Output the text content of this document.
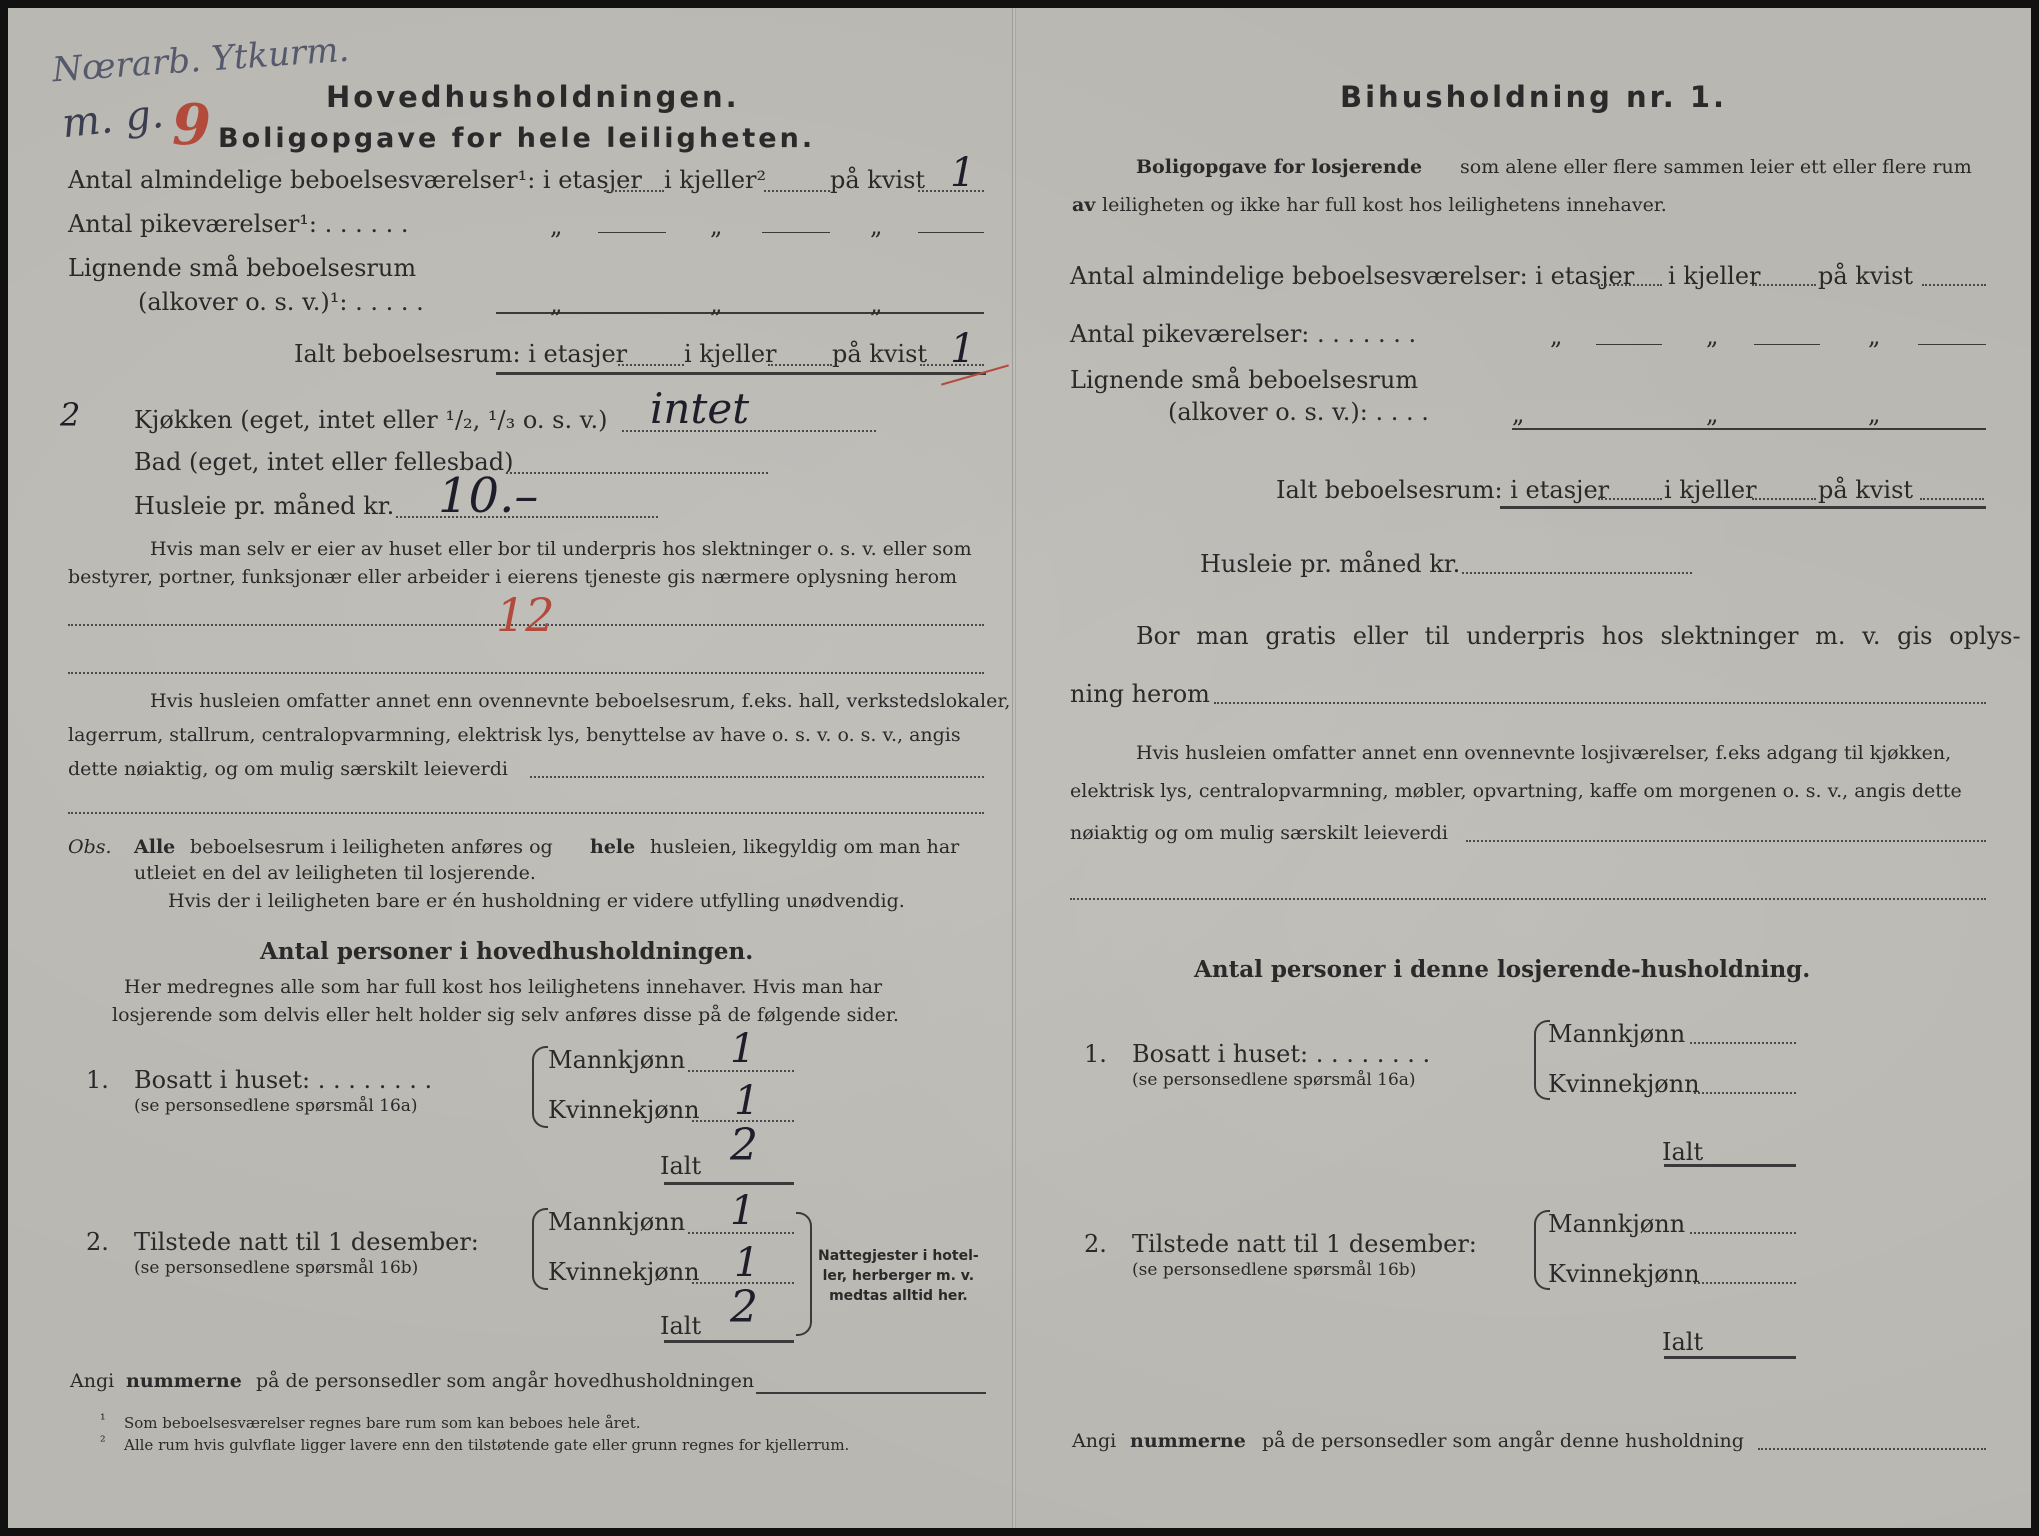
Nœrarb. Ytkurm.
m. g. 9	Hovedhusholdningen.
Boligopgave for hele leiligheten.
Antal almindelige beboelsesværelser¹: i etasjer i kjeller²	på kvist 1
Antal pikeværelser¹: . . . . . .	„	„	„
Lignende små beboelsesrum
(alkover o. s. v.)¹: . . . . .	„	„	„
Ialt beboelsesrum: i etasjer i kjeller på kvist 1
2 Kjøkken (eget, intet eller ¹/₂, ¹/₃ o. s. v.) intet
Bad (eget, intet eller fellesbad)
Husleie pr. måned kr. 10.–
Hvis man selv er eier av huset eller bor til underpris hos slektninger o. s. v. eller som
bestyrer, portner, funksjonær eller arbeider i eierens tjeneste gis nærmere oplysning herom
12
Hvis husleien omfatter annet enn ovennevnte beboelsesrum, f.eks. hall, verkstedslokaler,
lagerrum, stallrum, centralopvarmning, elektrisk lys, benyttelse av have o. s. v. o. s. v., angis
dette nøiaktig, og om mulig særskilt leieverdi
Obs. Alle beboelsesrum i leiligheten anføres og hele husleien, likegyldig om man har
utleiet en del av leiligheten til losjerende.
Hvis der i leiligheten bare er én husholdning er videre utfylling unødvendig.
Antal personer i hovedhusholdningen.
Her medregnes alle som har full kost hos leilighetens innehaver. Hvis man har
losjerende som delvis eller helt holder sig selv anføres disse på de følgende sider.
1. Bosatt i huset: . . . . . . . .
(se personsedlene spørsmål 16a)
Mannkjønn 1
Kvinnekjønn 1
Ialt 2
2. Tilstede natt til 1 desember:
(se personsedlene spørsmål 16b)
Mannkjønn 1
Kvinnekjønn 1
Ialt 2
Nattegjester i hotel-
ler, herberger m. v.
medtas alltid her.
Angi nummerne på de personsedler som angår hovedhusholdningen
¹ Som beboelsesværelser regnes bare rum som kan beboes hele året.
² Alle rum hvis gulvflate ligger lavere enn den tilstøtende gate eller grunn regnes for kjellerrum.
Bihusholdning nr. 1.
Boligopgave for losjerende som alene eller flere sammen leier ett eller flere rum
av leiligheten og ikke har full kost hos leilighetens innehaver.
Antal almindelige beboelsesværelser: i etasjer i kjeller på kvist
Antal pikeværelser: . . . . . . .	„	„	„
Lignende små beboelsesrum
(alkover o. s. v.): . . . .	„	„	„
Ialt beboelsesrum: i etasjer i kjeller	på kvist
Husleie pr. måned kr.
Bor man gratis eller til underpris hos slektninger m. v. gis oplys-
ning herom
Hvis husleien omfatter annet enn ovennevnte losjiværelser, f.eks adgang til kjøkken,
elektrisk lys, centralopvarmning, møbler, opvartning, kaffe om morgenen o. s. v., angis dette
nøiaktig og om mulig særskilt leieverdi
Antal personer i denne losjerende-husholdning.
1. Bosatt i huset: . . . . . . . .
(se personsedlene spørsmål 16a)
Mannkjønn
Kvinnekjønn
Ialt
2. Tilstede natt til 1 desember:
(se personsedlene spørsmål 16b)
Mannkjønn
Kvinnekjønn
Ialt
Angi nummerne på de personsedler som angår denne husholdning
